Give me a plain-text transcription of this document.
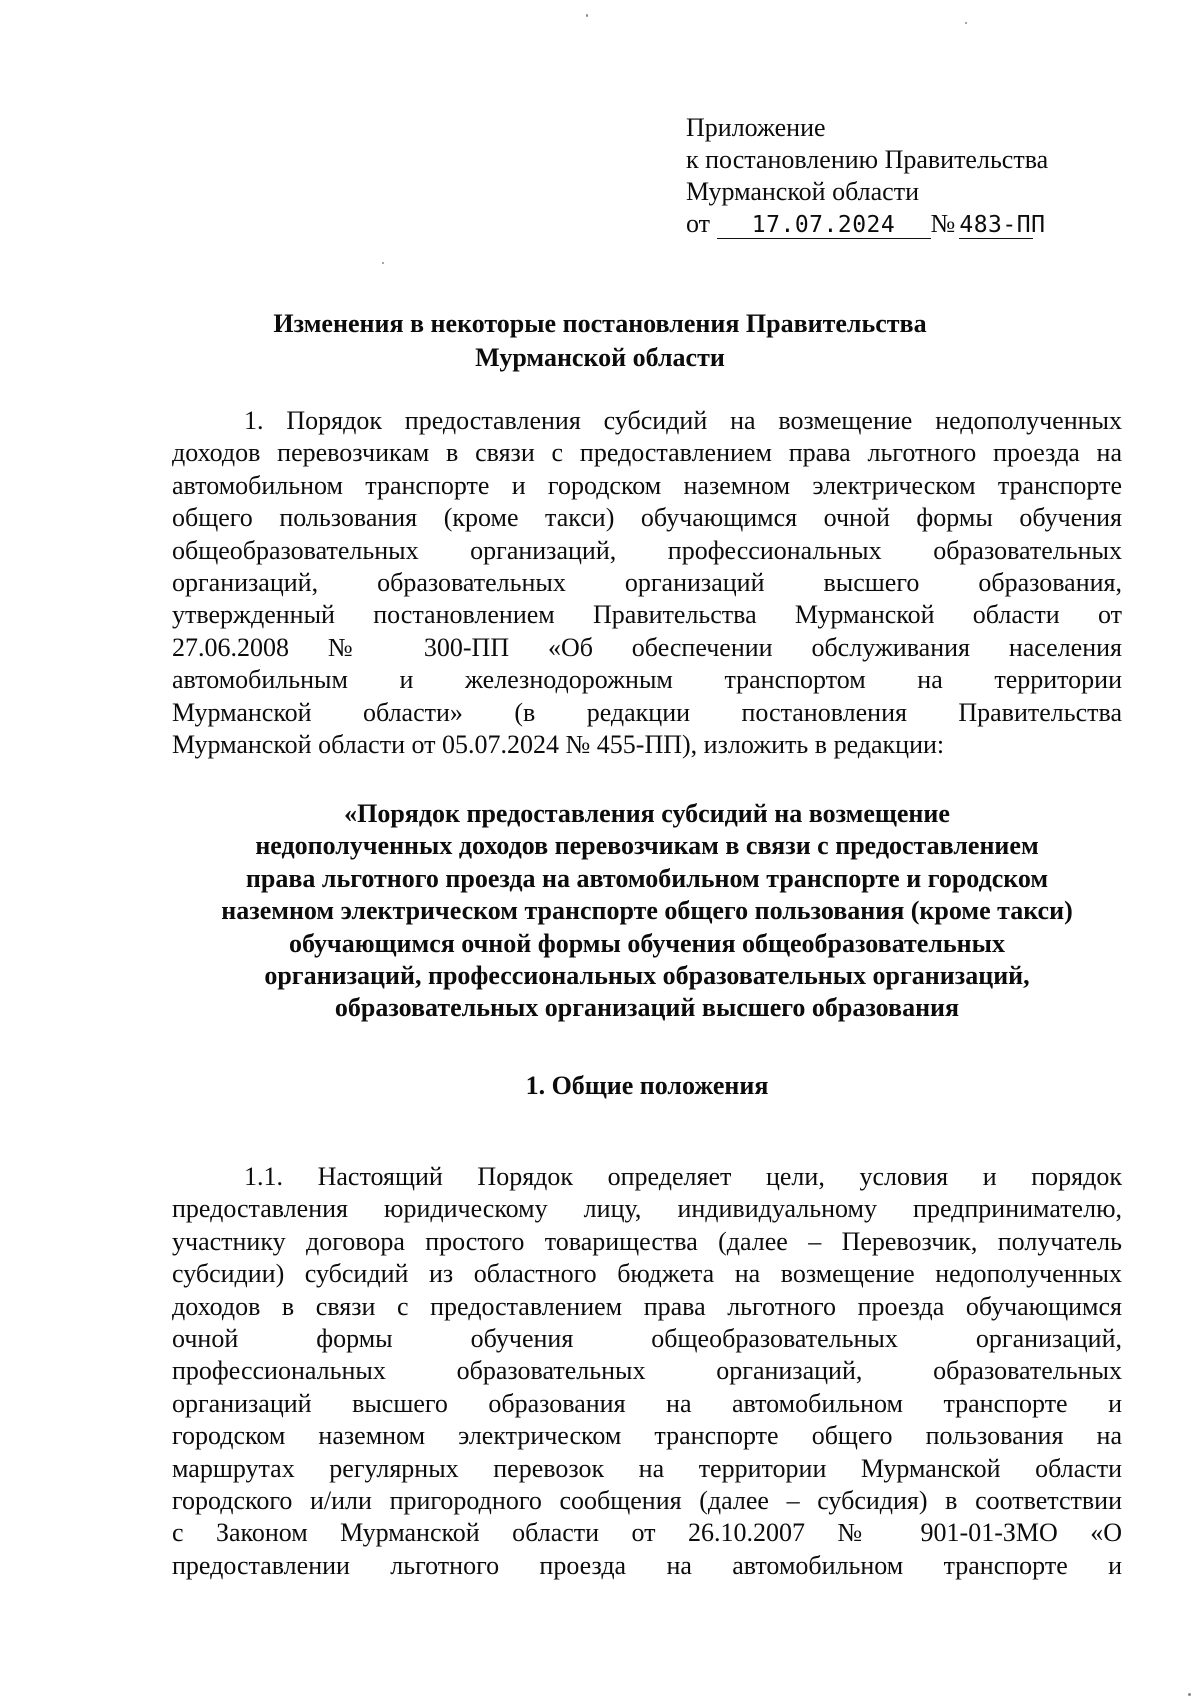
Приложение
к постановлению Правительства
Мурманской области
от 17.07.2024 № 483-ПП
Изменения в некоторые постановления Правительства
Мурманской области
1. Порядок предоставления субсидий на возмещение недополученных
доходов перевозчикам в связи с предоставлением права льготного проезда на
автомобильном транспорте и городском наземном электрическом транспорте
общего пользования (кроме такси) обучающимся очной формы обучения
общеобразовательных организаций, профессиональных образовательных
организаций, образовательных организаций высшего образования,
утвержденный постановлением Правительства Мурманской области от
27.06.2008 № 300-ПП «Об обеспечении обслуживания населения
автомобильным и железнодорожным транспортом на территории
Мурманской области» (в редакции постановления Правительства
Мурманской области от 05.07.2024 № 455-ПП), изложить в редакции:
«Порядок предоставления субсидий на возмещение
недополученных доходов перевозчикам в связи с предоставлением
права льготного проезда на автомобильном транспорте и городском
наземном электрическом транспорте общего пользования (кроме такси)
обучающимся очной формы обучения общеобразовательных
организаций, профессиональных образовательных организаций,
образовательных организаций высшего образования
1. Общие положения
1.1. Настоящий Порядок определяет цели, условия и порядок
предоставления юридическому лицу, индивидуальному предпринимателю,
участнику договора простого товарищества (далее – Перевозчик, получатель
субсидии) субсидий из областного бюджета на возмещение недополученных
доходов в связи с предоставлением права льготного проезда обучающимся
очной формы обучения общеобразовательных организаций,
профессиональных образовательных организаций, образовательных
организаций высшего образования на автомобильном транспорте и
городском наземном электрическом транспорте общего пользования на
маршрутах регулярных перевозок на территории Мурманской области
городского и/или пригородного сообщения (далее – субсидия) в соответствии
с Законом Мурманской области от 26.10.2007 № 901-01-ЗМО «О
предоставлении льготного проезда на автомобильном транспорте и
